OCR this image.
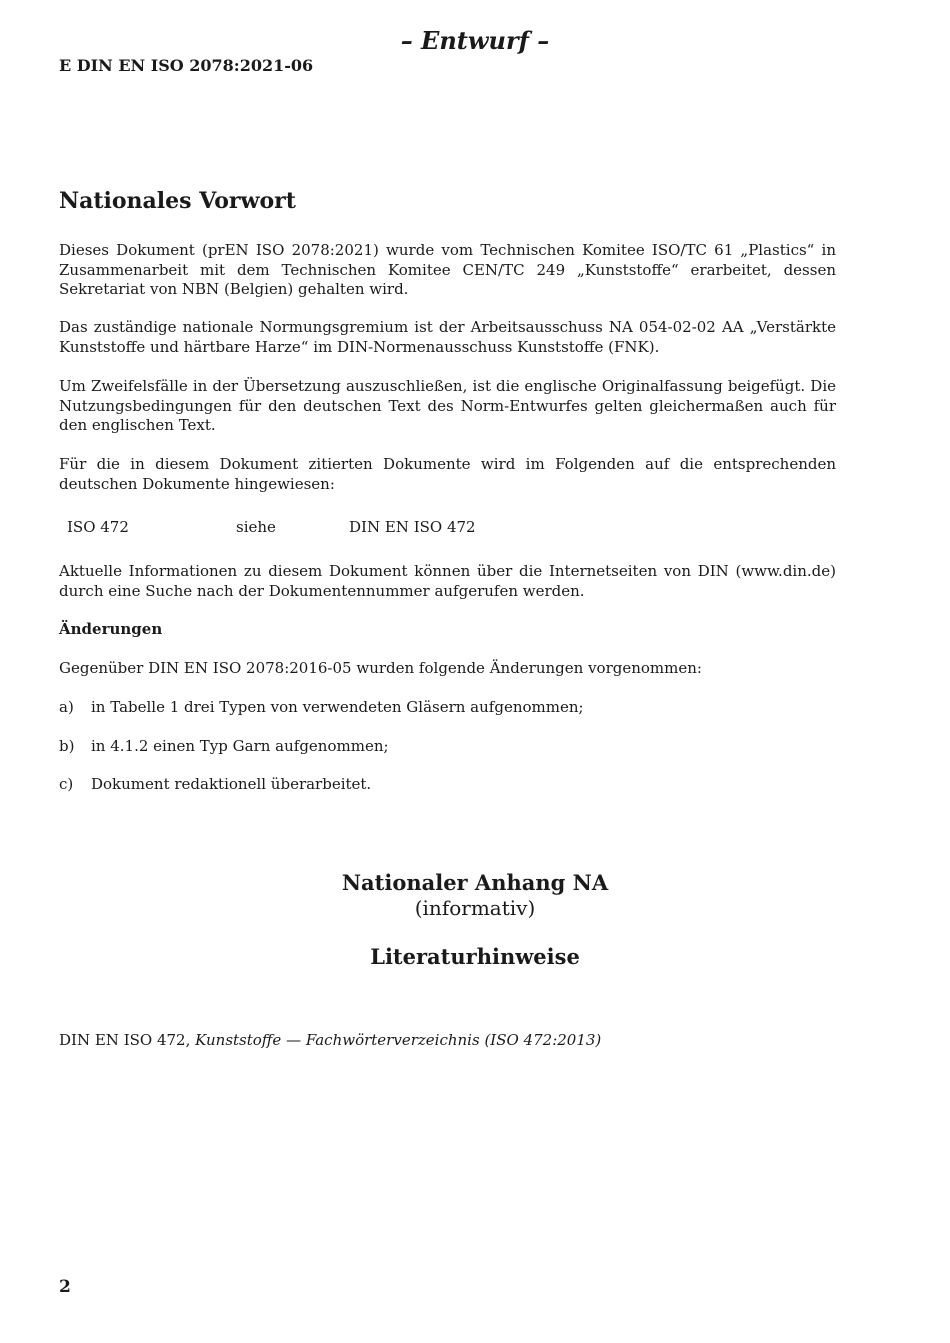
– Entwurf –
E DIN EN ISO 2078:2021-06
Nationales Vorwort
Dieses Dokument (prEN ISO 2078:2021) wurde vom Technischen Komitee ISO/TC 61 „Plastics“ in Zusammenarbeit mit dem Technischen Komitee CEN/TC 249 „Kunststoffe“ erarbeitet, dessen Sekretariat von NBN (Belgien) gehalten wird.
Das zuständige nationale Normungsgremium ist der Arbeitsausschuss NA 054-02-02 AA „Verstärkte Kunststoffe und härtbare Harze“ im DIN-Normenausschuss Kunststoffe (FNK).
Um Zweifelsfälle in der Übersetzung auszuschließen, ist die englische Originalfassung beigefügt. Die Nutzungsbedingungen für den deutschen Text des Norm-Entwurfes gelten gleichermaßen auch für den englischen Text.
Für die in diesem Dokument zitierten Dokumente wird im Folgenden auf die entsprechenden deutschen Dokumente hingewiesen:
ISO 472	siehe	DIN EN ISO 472
Aktuelle Informationen zu diesem Dokument können über die Internetseiten von DIN (www.din.de) durch eine Suche nach der Dokumentennummer aufgerufen werden.
Änderungen
Gegenüber DIN EN ISO 2078:2016-05 wurden folgende Änderungen vorgenommen:
a) in Tabelle 1 drei Typen von verwendeten Gläsern aufgenommen;
b) in 4.1.2 einen Typ Garn aufgenommen;
c) Dokument redaktionell überarbeitet.
Nationaler Anhang NA
(informativ)
Literaturhinweise
DIN EN ISO 472, Kunststoffe — Fachwörterverzeichnis (ISO 472:2013)
2
